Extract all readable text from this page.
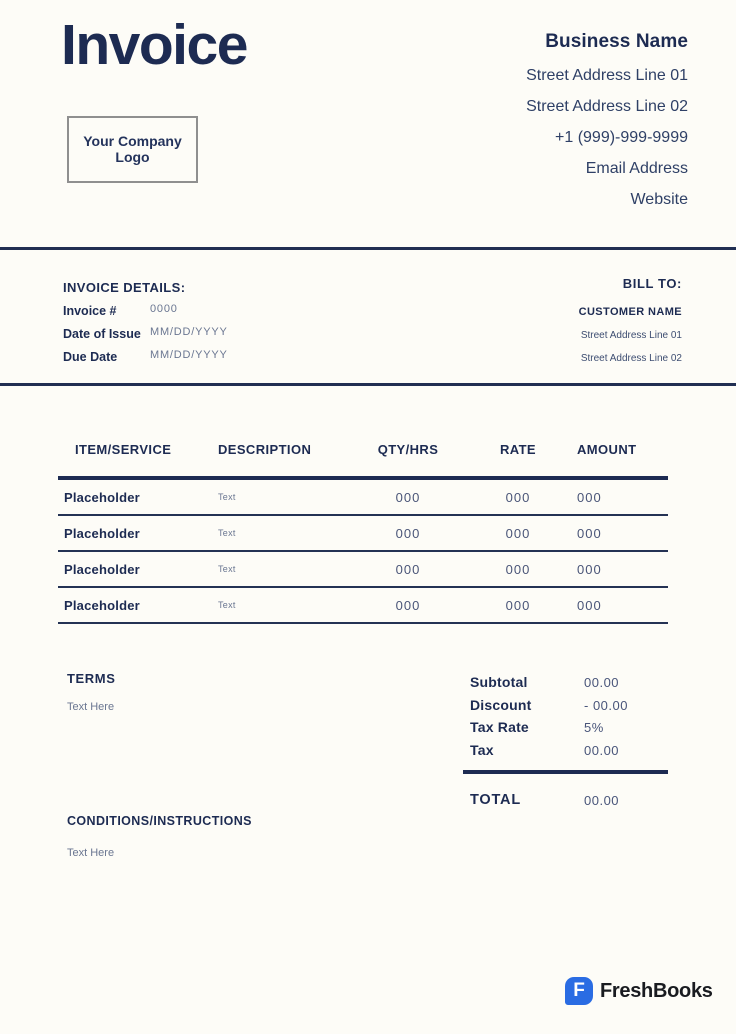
Invoice
Your Company
Logo
Business Name
Street Address Line 01
Street Address Line 02
+1 (999)-999-9999
Email Address
Website
INVOICE DETAILS:
Invoice #	0000
Date of Issue MM/DD/YYYY
Due Date	MM/DD/YYYY
BILL TO:
CUSTOMER NAME
Street Address Line 01
Street Address Line 02
ITEM/SERVICE	DESCRIPTION	QTY/HRS	RATE	AMOUNT
Placeholder	Text	000	000	000
Placeholder	Text	000	000	000
Placeholder	Text	000	000	000
Placeholder	Text	000	000	000
TERMS
Text Here
Subtotal	00.00
Discount	- 00.00
Tax Rate	5%
Tax	00.00
TOTAL	00.00
CONDITIONS/INSTRUCTIONS
Text Here
F FreshBooks
